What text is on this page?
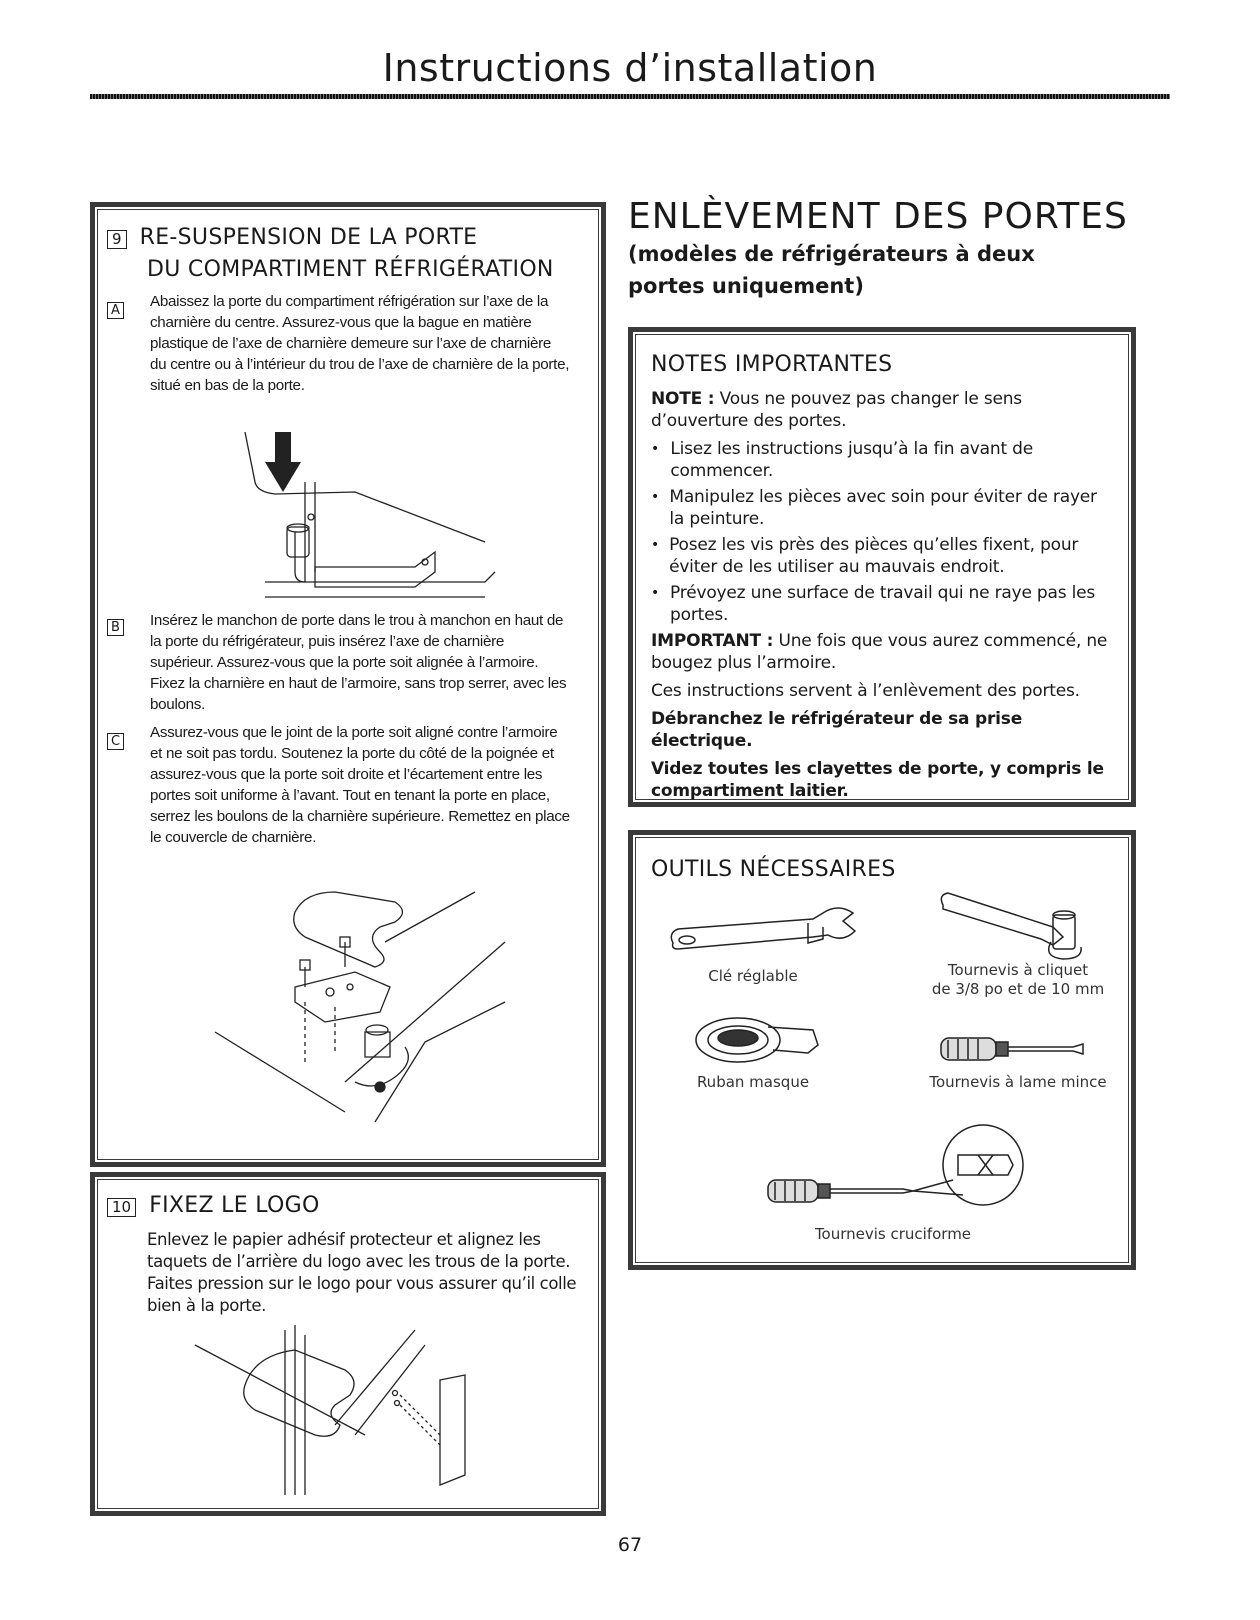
Instructions d’installation
9 RE-SUSPENSION DE LA PORTE
DU COMPARTIMENT RÉFRIGÉRATION
A
Abaissez la porte du compartiment réfrigération sur l’axe de la charnière du centre. Assurez-vous que la bague en matière plastique de l’axe de charnière demeure sur l’axe de charnière du centre ou à l’intérieur du trou de l’axe de charnière de la porte, situé en bas de la porte.
B Insérez le manchon de porte dans le trou à manchon en haut de la porte du réfrigérateur, puis insérez l’axe de charnière supérieur. Assurez-vous que la porte soit alignée à l’armoire. Fixez la charnière en haut de l’armoire, sans trop serrer, avec les boulons.
C
Assurez-vous que le joint de la porte soit aligné contre l’armoire et ne soit pas tordu. Soutenez la porte du côté de la poignée et assurez-vous que la porte soit droite et l’écartement entre les portes soit uniforme à l’avant. Tout en tenant la porte en place, serrez les boulons de la charnière supérieure. Remettez en place le couvercle de charnière.
10 FIXEZ LE LOGO
Enlevez le papier adhésif protecteur et alignez les taquets de l’arrière du logo avec les trous de la porte. Faites pression sur le logo pour vous assurer qu’il colle bien à la porte.
ENLÈVEMENT DES PORTES
(modèles de réfrigérateurs à deux
portes uniquement)
NOTES IMPORTANTES

NOTE : Vous ne pouvez pas changer le sens d’ouverture des portes.

• Lisez les instructions jusqu’à la fin avant de commencer.
• Manipulez les pièces avec soin pour éviter de rayer la peinture.
• Posez les vis près des pièces qu’elles fixent, pour éviter de les utiliser au mauvais endroit.
• Prévoyez une surface de travail qui ne raye pas les portes.

IMPORTANT : Une fois que vous aurez commencé, ne bougez plus l’armoire.

Ces instructions servent à l’enlèvement des portes.

Débranchez le réfrigérateur de sa prise électrique.

Videz toutes les clayettes de porte, y compris le compartiment laitier.

OUTILS NÉCESSAIRES
Clé réglable	Tournevis à cliquet
de 3/8 po et de 10 mm
Ruban masque	Tournevis à lame mince
Tournevis cruciforme
67
